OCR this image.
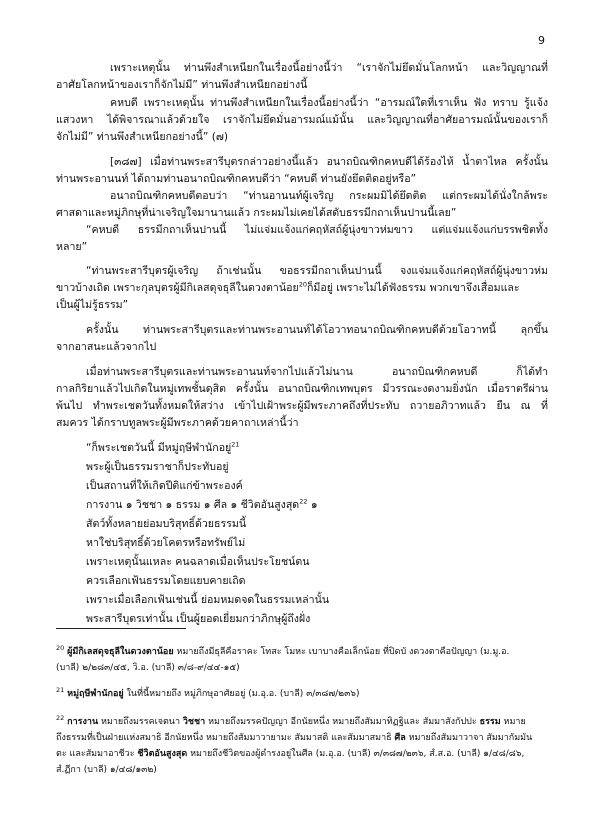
9
เพราะเหตุนั้น ท่านพึงสำเหนียกในเรื่องนี้อย่างนี้ว่า “เราจักไม่ยึดมั่นโลกหน้า และวิญญาณที่
อาศัยโลกหน้าของเราก็จักไม่มี” ท่านพึงสำเหนียกอย่างนี้
คหบดี เพราะเหตุนั้น ท่านพึงสำเหนียกในเรื่องนี้อย่างนี้ว่า “อารมณ์ใดที่เราเห็น ฟัง ทราบ รู้แจ้ง
แสวงหา ได้พิจารณาแล้วด้วยใจ เราจักไม่ยึดมั่นอารมณ์แม้นั้น และวิญญาณที่อาศัยอารมณ์นั้นของเราก็
จักไม่มี” ท่านพึงสำเหนียกอย่างนี้” (๗)
[๓๘๗] เมื่อท่านพระสารีบุตรกล่าวอย่างนี้แล้ว อนาถบิณฑิกคหบดีได้ร้องไห้ น้ำตาไหล ครั้งนั้น
ท่านพระอานนท์ ได้ถามท่านอนาถบิณฑิกคหบดีว่า “คหบดี ท่านยังยึดติดอยู่หรือ”
อนาถบิณฑิกคหบดีตอบว่า “ท่านอานนท์ผู้เจริญ กระผมมิได้ยึดติด แต่กระผมได้นั่งใกล้พระ
ศาสดาและหมู่ภิกษุที่น่าเจริญใจมานานแล้ว กระผมไม่เคยได้สดับธรรมีกถาเห็นปานนี้เลย”
“คหบดี ธรรมีกถาเห็นปานนี้ ไม่แจ่มแจ้งแก่คฤหัสถ์ผู้นุ่งขาวห่มขาว แต่แจ่มแจ้งแก่บรรพชิตทั้ง
หลาย”
“ท่านพระสารีบุตรผู้เจริญ ถ้าเช่นนั้น ขอธรรมีกถาเห็นปานนี้ จงแจ่มแจ้งแก่คฤหัสถ์ผู้นุ่งขาวห่ม
ขาวบ้างเถิด เพราะกุลบุตรผู้มีกิเลสดุจธุลีในดวงตาน้อย$^{20}$ก็มีอยู่ เพราะไม่ได้ฟังธรรม พวกเขาจึงเสื่อมและ
เป็นผู้ไม่รู้ธรรม”
ครั้งนั้น ท่านพระสารีบุตรและท่านพระอานนท์ได้โอวาทอนาถบิณฑิกคหบดีด้วยโอวาทนี้ ลุกขึ้น
จากอาสนะแล้วจากไป
เมื่อท่านพระสารีบุตรและท่านพระอานนท์จากไปแล้วไม่นาน อนาถบิณฑิกคหบดี ก็ได้ทำ
กาลกิริยาแล้วไปเกิดในหมู่เทพชั้นดุสิต ครั้งนั้น อนาถบิณฑิกเทพบุตร มีวรรณะงดงามยิ่งนัก เมื่อราตรีผ่าน
พ้นไป ทำพระเชตวันทั้งหมดให้สว่าง เข้าไปเฝ้าพระผู้มีพระภาคถึงที่ประทับ ถวายอภิวาทแล้ว ยืน ณ ที่
สมควร ได้กราบทูลพระผู้มีพระภาคด้วยคาถาเหล่านี้ว่า
“ก็พระเชตวันนี้ มีหมู่ฤษีพำนักอยู่$^{21}$
พระผู้เป็นธรรมราชาก็ประทับอยู่
เป็นสถานที่ให้เกิดปีติแก่ข้าพระองค์
การงาน ๑ วิชชา ๑ ธรรม ๑ ศีล ๑ ชีวิตอันสูงสุด$^{22}$ ๑
สัตว์ทั้งหลายย่อมบริสุทธิ์ด้วยธรรมนี้
หาใช่บริสุทธิ์ด้วยโคตรหรือทรัพย์ไม่
เพราะเหตุนั้นแหละ คนฉลาดเมื่อเห็นประโยชน์ตน
ควรเลือกเฟ้นธรรมโดยแยบคายเถิด
เพราะเมื่อเลือกเฟ้นเช่นนี้ ย่อมหมดจดในธรรมเหล่านั้น
พระสารีบุตรเท่านั้น เป็นผู้ยอดเยี่ยมกว่าภิกษุผู้ถึงฝั่ง
$^{20}$ ผู้มีกิเลสดุจธุลีในดวงตาน้อย หมายถึงมีธุลีคือราคะ โทสะ โมหะ เบาบางคือเล็กน้อย ที่ปิดบั งดวงตาคือปัญญา (ม.มู.อ.
(บาลี) ๒/๒๘๓/๔๕, วิ.อ. (บาลี) ๓/๘-๙/๔๔-๑๕)
$^{21}$ หมู่ฤษีพำนักอยู่ ในที่นี้หมายถึง หมู่ภิกษุอาศัยอยู่ (ม.อุ.อ. (บาลี) ๓/๓๘๗/๒๓๖)
$^{22}$ การงาน หมายถึงมรรคเจตนา วิชชา หมายถึงมรรคปัญญา อีกนัยหนึ่ง หมายถึงสัมมาทิฏฐิและ สัมมาสังกัปปะ ธรรม หมาย
ถึงธรรมที่เป็นฝ่ายแห่งสมาธิ อีกนัยหนึ่ง หมายถึงสัมมาวายามะ สัมมาสติ และสัมมาสมาธิ ศีล หมายถึงสัมมาวาจา สัมมากัมมัน
ตะ และสัมมาอาชีวะ ชีวิตอันสูงสุด หมายถึงชีวิตของผู้ดำรงอยู่ในศีล (ม.อุ.อ. (บาลี) ๓/๓๘๗/๒๓๖, สํ.ส.อ. (บาลี) ๑/๔๘/๘๖,
สํ.ฏีกา (บาลี) ๑/๔๘/๑๓๒)
